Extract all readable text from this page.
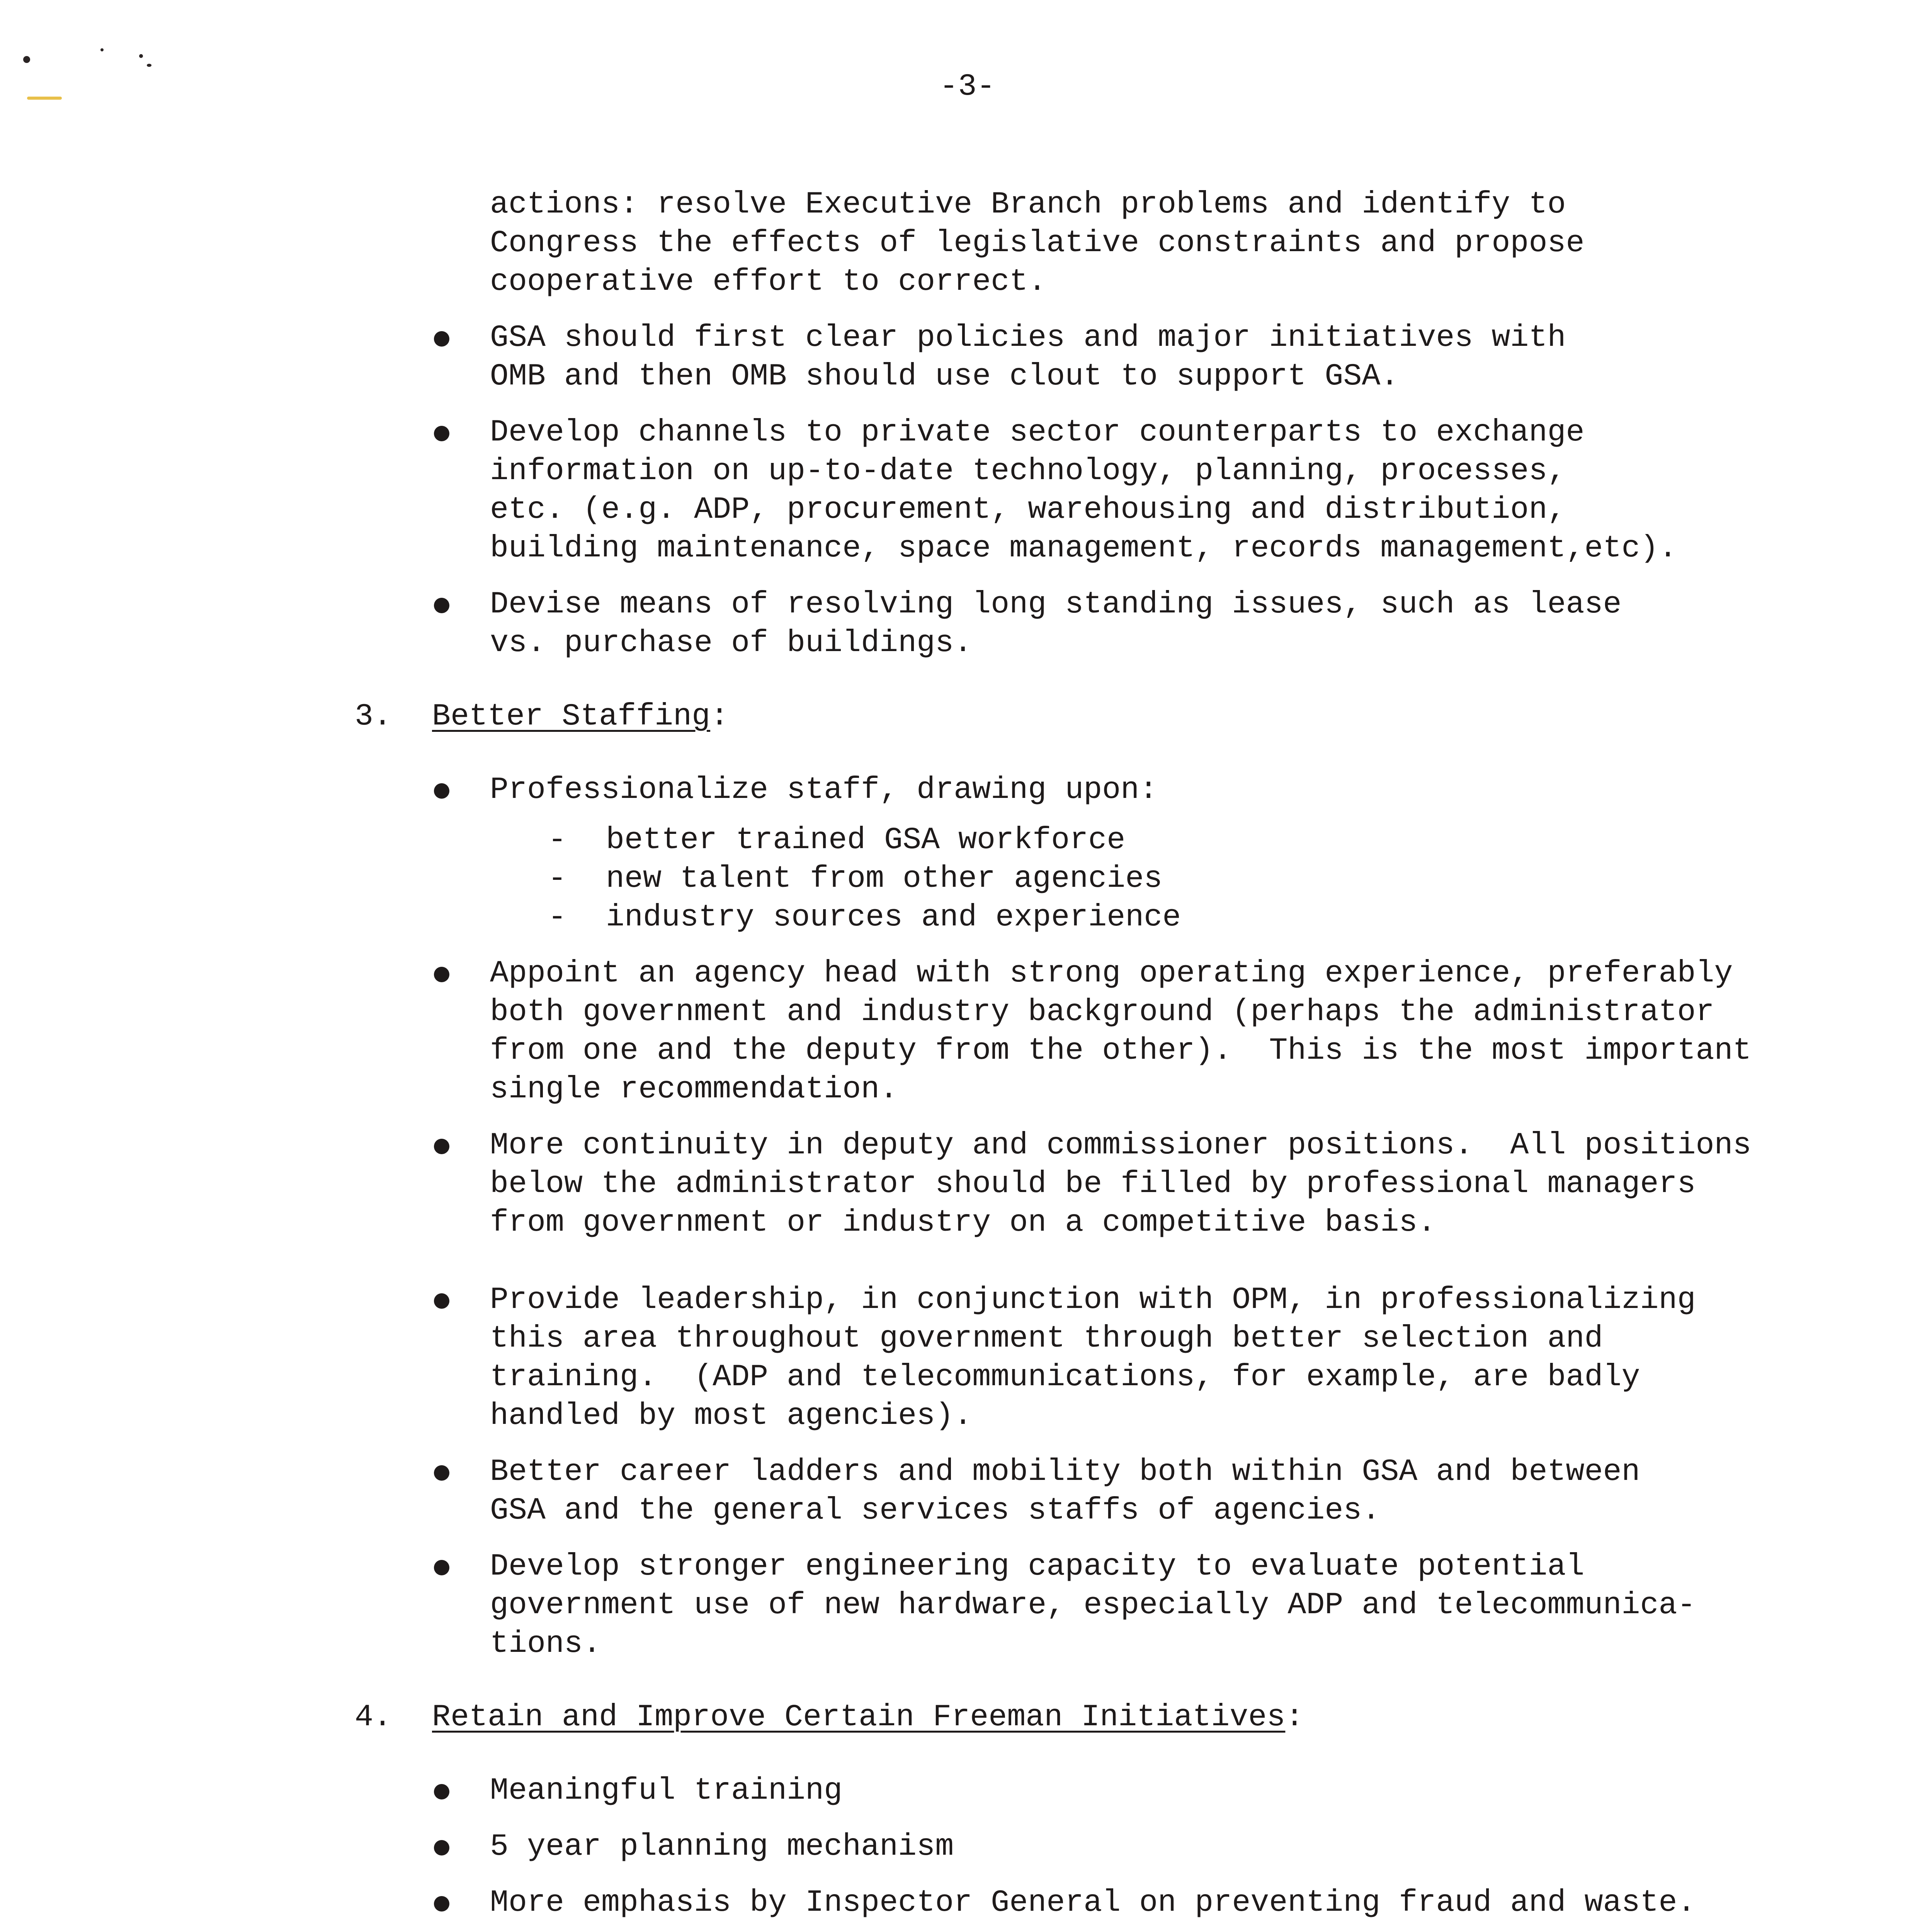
-3-
actions: resolve Executive Branch problems and identify to
Congress the effects of legislative constraints and propose
cooperative effort to correct.
GSA should first clear policies and major initiatives with
OMB and then OMB should use clout to support GSA.
Develop channels to private sector counterparts to exchange
information on up-to-date technology, planning, processes,
etc. (e.g. ADP, procurement, warehousing and distribution,
building maintenance, space management, records management,etc).
Devise means of resolving long standing issues, such as lease
vs. purchase of buildings.
3. Better Staffing:
Professionalize staff, drawing upon:
- better trained GSA workforce
- new talent from other agencies
- industry sources and experience
Appoint an agency head with strong operating experience, preferably
both government and industry background (perhaps the administrator
from one and the deputy from the other).  This is the most important
single recommendation.
More continuity in deputy and commissioner positions.  All positions
below the administrator should be filled by professional managers
from government or industry on a competitive basis.
Provide leadership, in conjunction with OPM, in professionalizing
this area throughout government through better selection and
training.  (ADP and telecommunications, for example, are badly
handled by most agencies).
Better career ladders and mobility both within GSA and between
GSA and the general services staffs of agencies.
Develop stronger engineering capacity to evaluate potential
government use of new hardware, especially ADP and telecommunica-
tions.
4. Retain and Improve Certain Freeman Initiatives:
Meaningful training
5 year planning mechanism
More emphasis by Inspector General on preventing fraud and waste.
